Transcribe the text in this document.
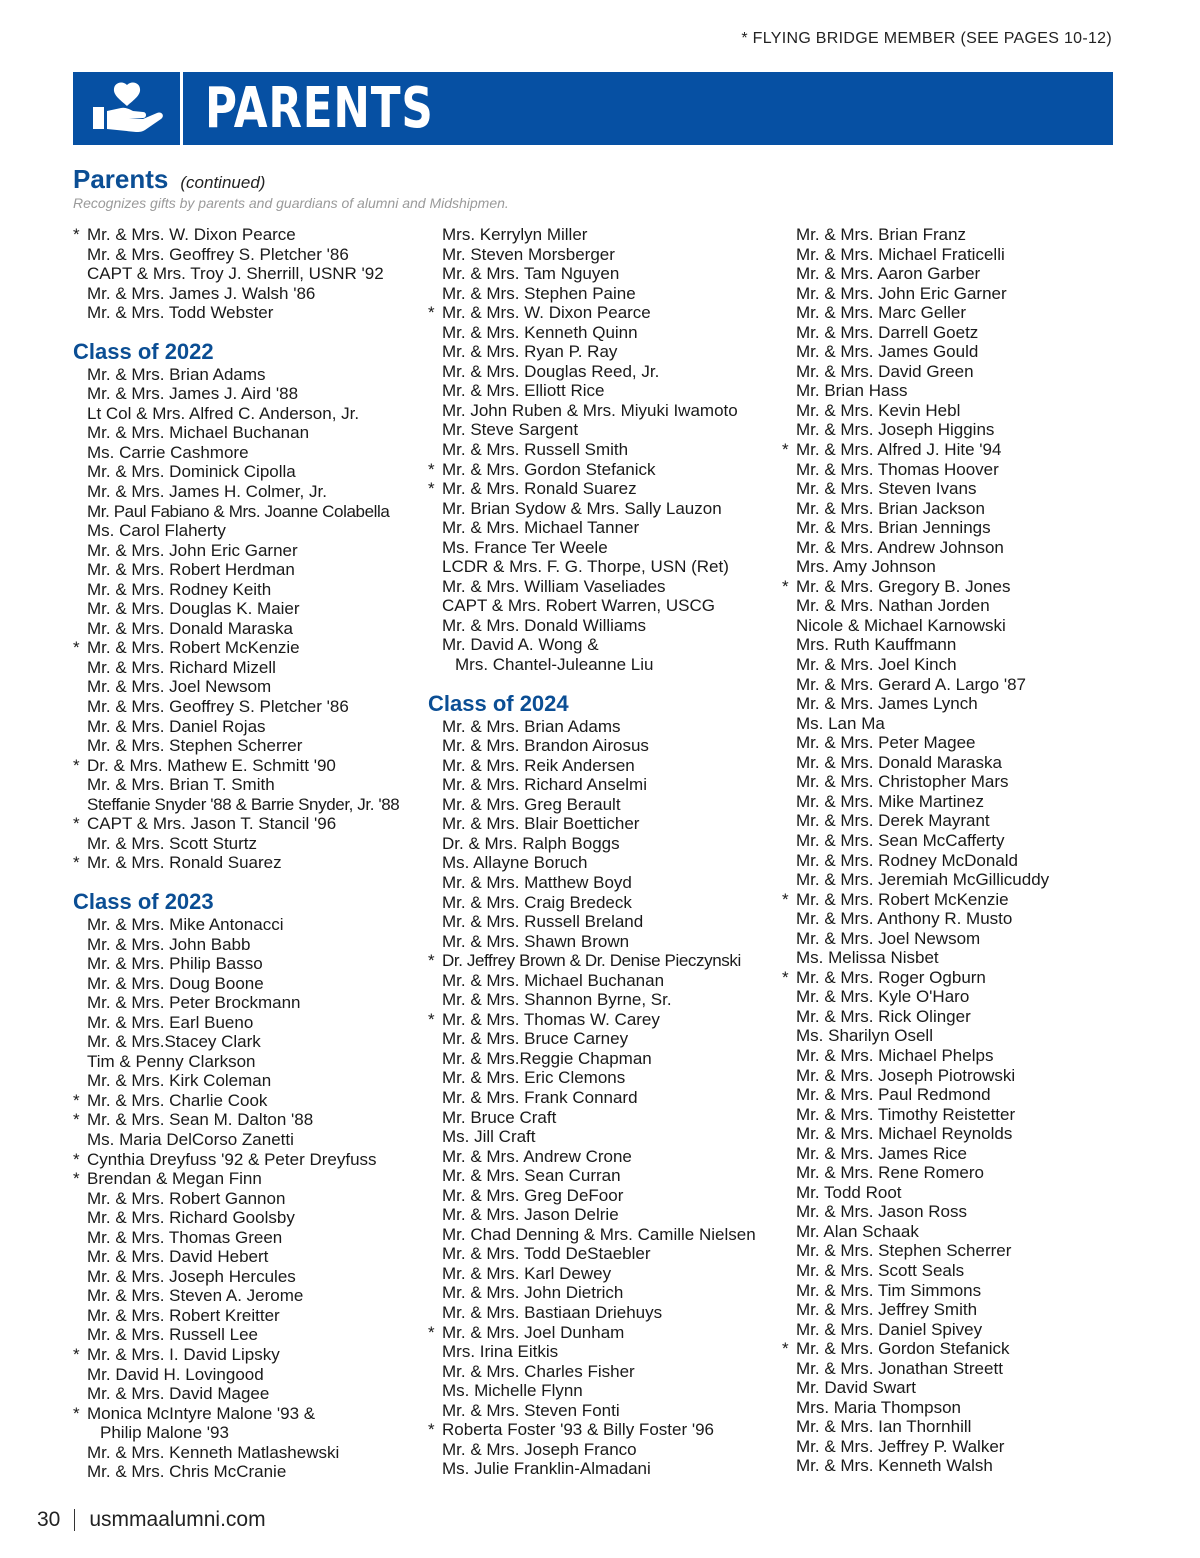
* FLYING BRIDGE MEMBER (SEE PAGES 10-12)
PARENTS
Parents (continued)
Recognizes gifts by parents and guardians of alumni and Midshipmen.
* Mr. & Mrs. W. Dixon Pearce
Mr. & Mrs. Geoffrey S. Pletcher '86
CAPT & Mrs. Troy J. Sherrill, USNR '92
Mr. & Mrs. James J. Walsh '86
Mr. & Mrs. Todd Webster
Class of 2022
Mr. & Mrs. Brian Adams
Mr. & Mrs. James J. Aird '88
Lt Col & Mrs. Alfred C. Anderson, Jr.
Mr. & Mrs. Michael Buchanan
Ms. Carrie Cashmore
Mr. & Mrs. Dominick Cipolla
Mr. & Mrs. James H. Colmer, Jr.
Mr. Paul Fabiano & Mrs. Joanne Colabella
Ms. Carol Flaherty
Mr. & Mrs. John Eric Garner
Mr. & Mrs. Robert Herdman
Mr. & Mrs. Rodney Keith
Mr. & Mrs. Douglas K. Maier
Mr. & Mrs. Donald Maraska
* Mr. & Mrs. Robert McKenzie
Mr. & Mrs. Richard Mizell
Mr. & Mrs. Joel Newsom
Mr. & Mrs. Geoffrey S. Pletcher '86
Mr. & Mrs. Daniel Rojas
Mr. & Mrs. Stephen Scherrer
* Dr. & Mrs. Mathew E. Schmitt '90
Mr. & Mrs. Brian T. Smith
Steffanie Snyder '88 & Barrie Snyder, Jr. '88
* CAPT & Mrs. Jason T. Stancil '96
Mr. & Mrs. Scott Sturtz
* Mr. & Mrs. Ronald Suarez
Class of 2023
Mr. & Mrs. Mike Antonacci
Mr. & Mrs. John Babb
Mr. & Mrs. Philip Basso
Mr. & Mrs. Doug Boone
Mr. & Mrs. Peter Brockmann
Mr. & Mrs. Earl Bueno
Mr. & Mrs.Stacey Clark
Tim & Penny Clarkson
Mr. & Mrs. Kirk Coleman
* Mr. & Mrs. Charlie Cook
* Mr. & Mrs. Sean M. Dalton '88
Ms. Maria DelCorso Zanetti
* Cynthia Dreyfuss '92 & Peter Dreyfuss
* Brendan & Megan Finn
Mr. & Mrs. Robert Gannon
Mr. & Mrs. Richard Goolsby
Mr. & Mrs. Thomas Green
Mr. & Mrs. David Hebert
Mr. & Mrs. Joseph Hercules
Mr. & Mrs. Steven A. Jerome
Mr. & Mrs. Robert Kreitter
Mr. & Mrs. Russell Lee
* Mr. & Mrs. I. David Lipsky
Mr. David H. Lovingood
Mr. & Mrs. David Magee
* Monica McIntyre Malone '93 &
Philip Malone '93
Mr. & Mrs. Kenneth Matlashewski
Mr. & Mrs. Chris McCranie
Mrs. Kerrylyn Miller
Mr. Steven Morsberger
Mr. & Mrs. Tam Nguyen
Mr. & Mrs. Stephen Paine
* Mr. & Mrs. W. Dixon Pearce
Mr. & Mrs. Kenneth Quinn
Mr. & Mrs. Ryan P. Ray
Mr. & Mrs. Douglas Reed, Jr.
Mr. & Mrs. Elliott Rice
Mr. John Ruben & Mrs. Miyuki Iwamoto
Mr. Steve Sargent
Mr. & Mrs. Russell Smith
* Mr. & Mrs. Gordon Stefanick
* Mr. & Mrs. Ronald Suarez
Mr. Brian Sydow & Mrs. Sally Lauzon
Mr. & Mrs. Michael Tanner
Ms. France Ter Weele
LCDR & Mrs. F. G. Thorpe, USN (Ret)
Mr. & Mrs. William Vaseliades
CAPT & Mrs. Robert Warren, USCG
Mr. & Mrs. Donald Williams
Mr. David A. Wong &
Mrs. Chantel-Juleanne Liu
Class of 2024
Mr. & Mrs. Brian Adams
Mr. & Mrs. Brandon Airosus
Mr. & Mrs. Reik Andersen
Mr. & Mrs. Richard Anselmi
Mr. & Mrs. Greg Berault
Mr. & Mrs. Blair Boetticher
Dr. & Mrs. Ralph Boggs
Ms. Allayne Boruch
Mr. & Mrs. Matthew Boyd
Mr. & Mrs. Craig Bredeck
Mr. & Mrs. Russell Breland
Mr. & Mrs. Shawn Brown
* Dr. Jeffrey Brown & Dr. Denise Pieczynski
Mr. & Mrs. Michael Buchanan
Mr. & Mrs. Shannon Byrne, Sr.
* Mr. & Mrs. Thomas W. Carey
Mr. & Mrs. Bruce Carney
Mr. & Mrs.Reggie Chapman
Mr. & Mrs. Eric Clemons
Mr. & Mrs. Frank Connard
Mr. Bruce Craft
Ms. Jill Craft
Mr. & Mrs. Andrew Crone
Mr. & Mrs. Sean Curran
Mr. & Mrs. Greg DeFoor
Mr. & Mrs. Jason Delrie
Mr. Chad Denning & Mrs. Camille Nielsen
Mr. & Mrs. Todd DeStaebler
Mr. & Mrs. Karl Dewey
Mr. & Mrs. John Dietrich
Mr. & Mrs. Bastiaan Driehuys
* Mr. & Mrs. Joel Dunham
Mrs. Irina Eitkis
Mr. & Mrs. Charles Fisher
Ms. Michelle Flynn
Mr. & Mrs. Steven Fonti
* Roberta Foster '93 & Billy Foster '96
Mr. & Mrs. Joseph Franco
Ms. Julie Franklin-Almadani
Mr. & Mrs. Brian Franz
Mr. & Mrs. Michael Fraticelli
Mr. & Mrs. Aaron Garber
Mr. & Mrs. John Eric Garner
Mr. & Mrs. Marc Geller
Mr. & Mrs. Darrell Goetz
Mr. & Mrs. James Gould
Mr. & Mrs. David Green
Mr. Brian Hass
Mr. & Mrs. Kevin Hebl
Mr. & Mrs. Joseph Higgins
* Mr. & Mrs. Alfred J. Hite '94
Mr. & Mrs. Thomas Hoover
Mr. & Mrs. Steven Ivans
Mr. & Mrs. Brian Jackson
Mr. & Mrs. Brian Jennings
Mr. & Mrs. Andrew Johnson
Mrs. Amy Johnson
* Mr. & Mrs. Gregory B. Jones
Mr. & Mrs. Nathan Jorden
Nicole & Michael Karnowski
Mrs. Ruth Kauffmann
Mr. & Mrs. Joel Kinch
Mr. & Mrs. Gerard A. Largo '87
Mr. & Mrs. James Lynch
Ms. Lan Ma
Mr. & Mrs. Peter Magee
Mr. & Mrs. Donald Maraska
Mr. & Mrs. Christopher Mars
Mr. & Mrs. Mike Martinez
Mr. & Mrs. Derek Mayrant
Mr. & Mrs. Sean McCafferty
Mr. & Mrs. Rodney McDonald
Mr. & Mrs. Jeremiah McGillicuddy
* Mr. & Mrs. Robert McKenzie
Mr. & Mrs. Anthony R. Musto
Mr. & Mrs. Joel Newsom
Ms. Melissa Nisbet
* Mr. & Mrs. Roger Ogburn
Mr. & Mrs. Kyle O'Haro
Mr. & Mrs. Rick Olinger
Ms. Sharilyn Osell
Mr. & Mrs. Michael Phelps
Mr. & Mrs. Joseph Piotrowski
Mr. & Mrs. Paul Redmond
Mr. & Mrs. Timothy Reistetter
Mr. & Mrs. Michael Reynolds
Mr. & Mrs. James Rice
Mr. & Mrs. Rene Romero
Mr. Todd Root
Mr. & Mrs. Jason Ross
Mr. Alan Schaak
Mr. & Mrs. Stephen Scherrer
Mr. & Mrs. Scott Seals
Mr. & Mrs. Tim Simmons
Mr. & Mrs. Jeffrey Smith
Mr. & Mrs. Daniel Spivey
* Mr. & Mrs. Gordon Stefanick
Mr. & Mrs. Jonathan Streett
Mr. David Swart
Mrs. Maria Thompson
Mr. & Mrs. Ian Thornhill
Mr. & Mrs. Jeffrey P. Walker
Mr. & Mrs. Kenneth Walsh
30 usmmaalumni.com
